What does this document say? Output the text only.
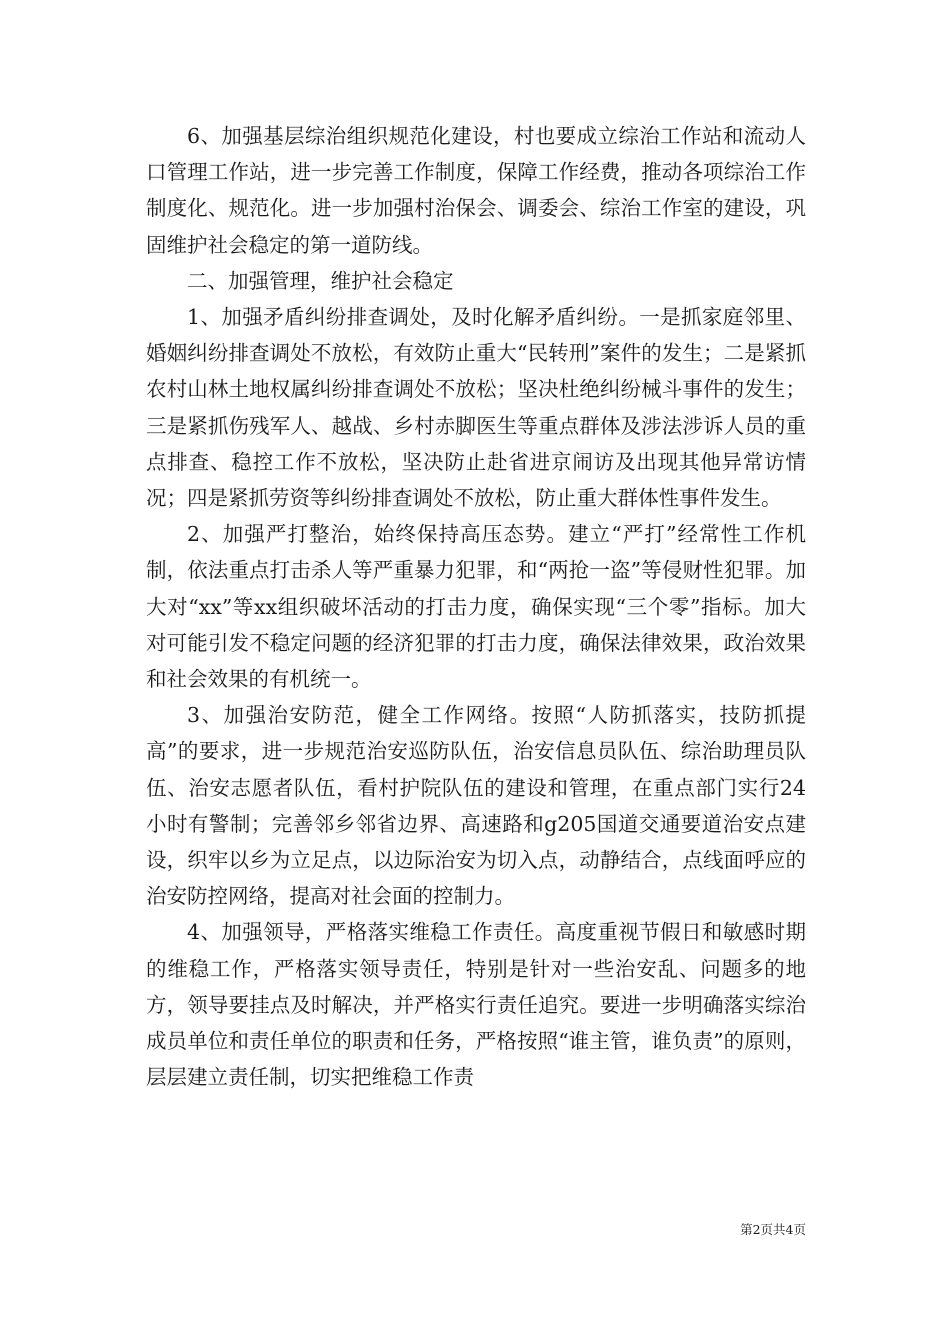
6、加强基层综治组织规范化建设，村也要成立综治工作站和流动人口管理工作站，进一步完善工作制度，保障工作经费，推动各项综治工作制度化、规范化。进一步加强村治保会、调委会、综治工作室的建设，巩固维护社会稳定的第一道防线。

二、加强管理，维护社会稳定

1、加强矛盾纠纷排查调处，及时化解矛盾纠纷。一是抓家庭邻里、婚姻纠纷排查调处不放松，有效防止重大“民转刑”案件的发生；二是紧抓农村山林土地权属纠纷排查调处不放松；坚决杜绝纠纷械斗事件的发生；三是紧抓伤残军人、越战、乡村赤脚医生等重点群体及涉法涉诉人员的重点排查、稳控工作不放松，坚决防止赴省进京闹访及出现其他异常访情况；四是紧抓劳资等纠纷排查调处不放松，防止重大群体性事件发生。

2、加强严打整治，始终保持高压态势。建立“严打”经常性工作机制，依法重点打击杀人等严重暴力犯罪，和“两抢一盗”等侵财性犯罪。加大对“xx”等xx组织破坏活动的打击力度，确保实现“三个零”指标。加大对可能引发不稳定问题的经济犯罪的打击力度，确保法律效果，政治效果和社会效果的有机统一。

3、加强治安防范，健全工作网络。按照“人防抓落实，技防抓提高”的要求，进一步规范治安巡防队伍，治安信息员队伍、综治助理员队伍、治安志愿者队伍，看村护院队伍的建设和管理，在重点部门实行24小时有警制；完善邻乡邻省边界、高速路和g205国道交通要道治安点建设，织牢以乡为立足点，以边际治安为切入点，动静结合，点线面呼应的治安防控网络，提高对社会面的控制力。

4、加强领导，严格落实维稳工作责任。高度重视节假日和敏感时期的维稳工作，严格落实领导责任，特别是针对一些治安乱、问题多的地方，领导要挂点及时解决，并严格实行责任追究。要进一步明确落实综治成员单位和责任单位的职责和任务，严格按照“谁主管，谁负责”的原则，层层建立责任制，切实把维稳工作责

第2页共4页
